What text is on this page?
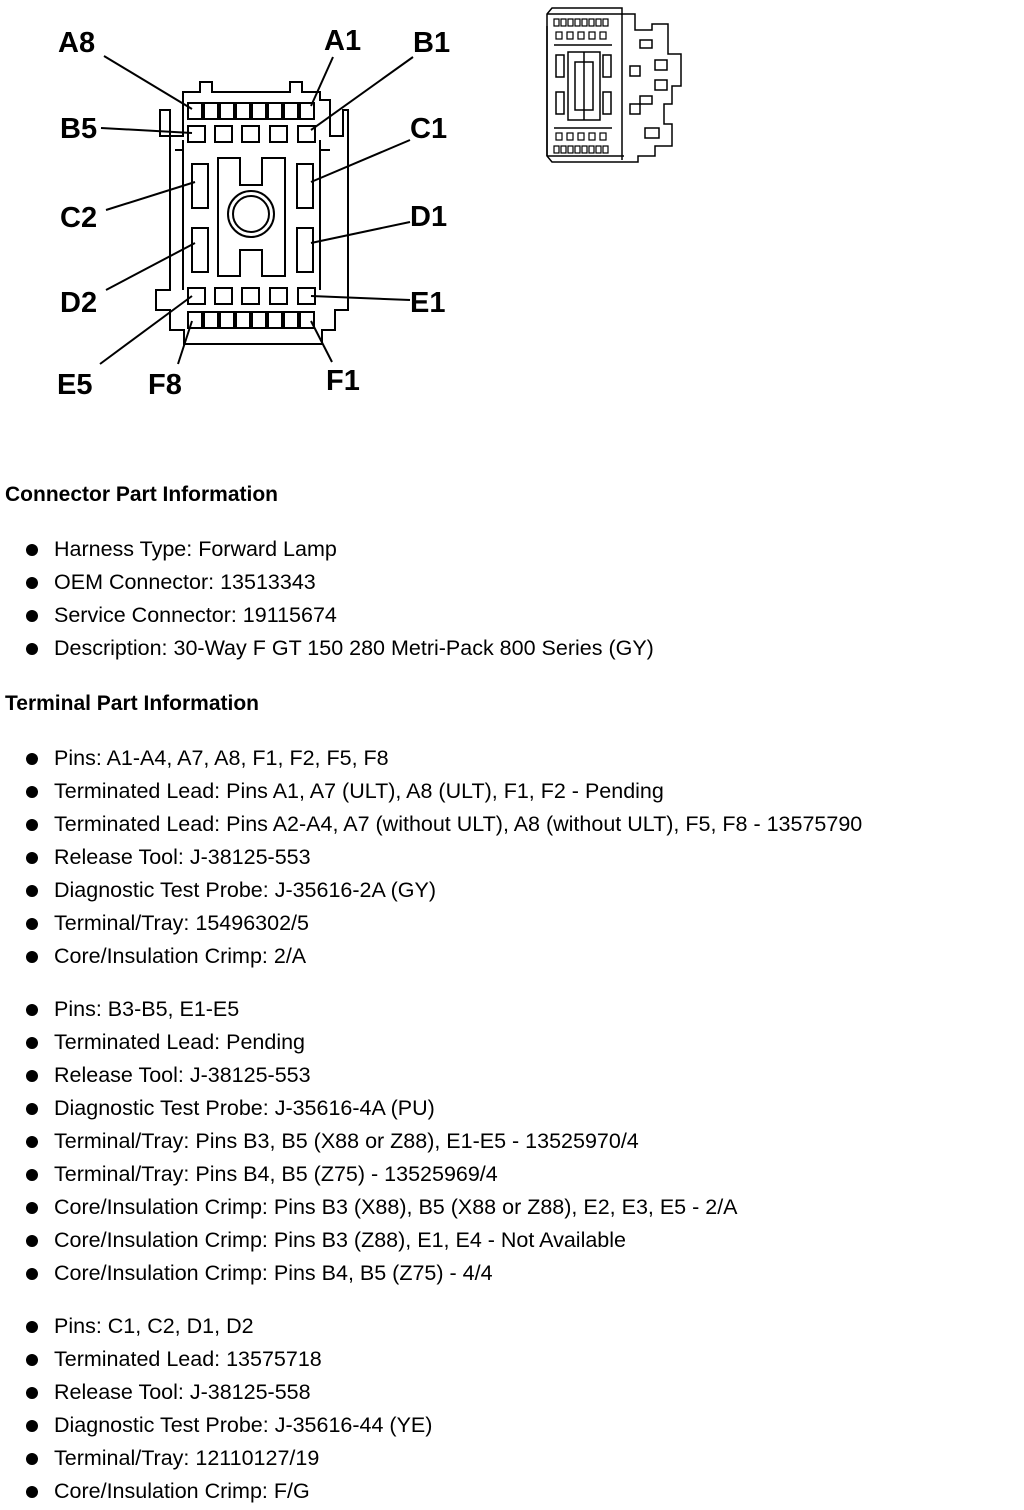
A8	A1 B1
B5	C1
C2	D1
D2	E1
E5 F8	F1
Connector Part Information
Harness Type: Forward Lamp
OEM Connector: 13513343
Service Connector: 19115674
Description: 30-Way F GT 150 280 Metri-Pack 800 Series (GY)
Terminal Part Information
Pins: A1-A4, A7, A8, F1, F2, F5, F8
Terminated Lead: Pins A1, A7 (ULT), A8 (ULT), F1, F2 - Pending
Terminated Lead: Pins A2-A4, A7 (without ULT), A8 (without ULT), F5, F8 - 13575790
Release Tool: J-38125-553
Diagnostic Test Probe: J-35616-2A (GY)
Terminal/Tray: 15496302/5
Core/Insulation Crimp: 2/A
Pins: B3-B5, E1-E5
Terminated Lead: Pending
Release Tool: J-38125-553
Diagnostic Test Probe: J-35616-4A (PU)
Terminal/Tray: Pins B3, B5 (X88 or Z88), E1-E5 - 13525970/4
Terminal/Tray: Pins B4, B5 (Z75) - 13525969/4
Core/Insulation Crimp: Pins B3 (X88), B5 (X88 or Z88), E2, E3, E5 - 2/A
Core/Insulation Crimp: Pins B3 (Z88), E1, E4 - Not Available
Core/Insulation Crimp: Pins B4, B5 (Z75) - 4/4
Pins: C1, C2, D1, D2
Terminated Lead: 13575718
Release Tool: J-38125-558
Diagnostic Test Probe: J-35616-44 (YE)
Terminal/Tray: 12110127/19
Core/Insulation Crimp: F/G
